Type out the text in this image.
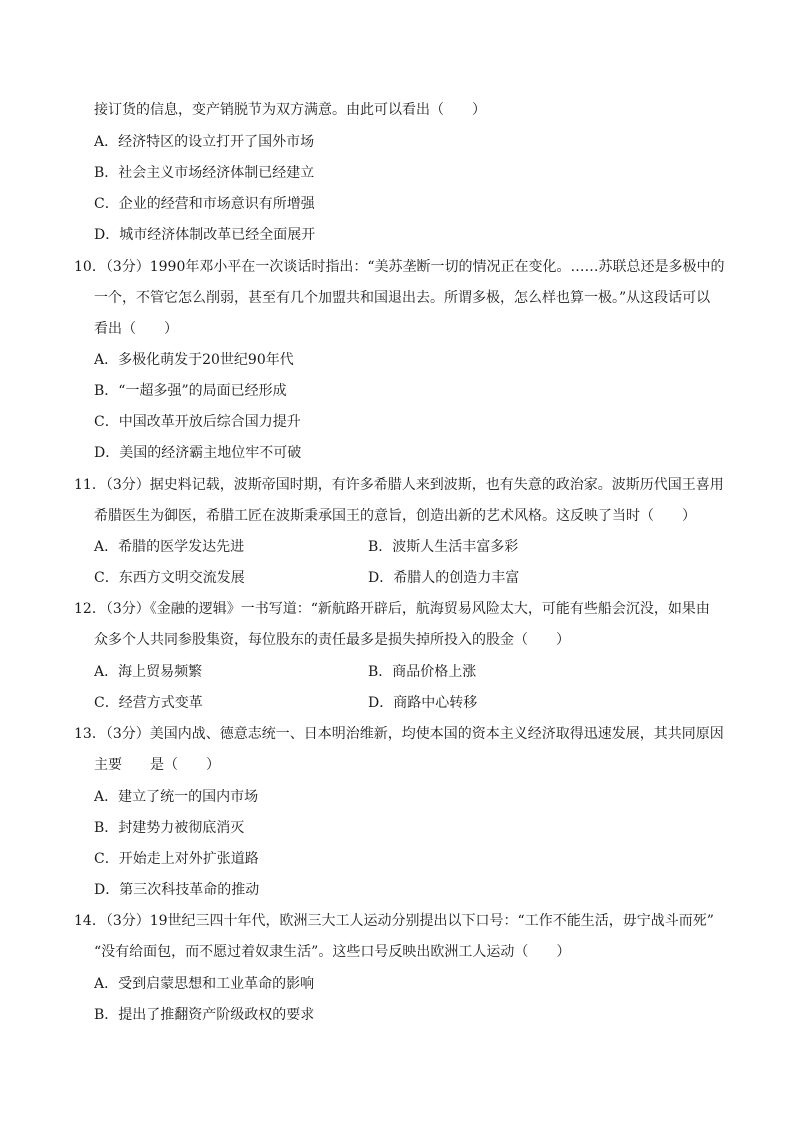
接订货的信息，变产销脱节为双方满意。由此可以看出（　　）
A．经济特区的设立打开了国外市场
B．社会主义市场经济体制已经建立
C．企业的经营和市场意识有所增强
D．城市经济体制改革已经全面展开
10．（3分）1990年邓小平在一次谈话时指出：“美苏垄断一切的情况正在变化。……苏联总还是多极中的
一个，不管它怎么削弱，甚至有几个加盟共和国退出去。所谓多极，怎么样也算一极。”从这段话可以
看出（　　）
A．多极化萌发于20世纪90年代
B．“一超多强”的局面已经形成
C．中国改革开放后综合国力提升
D．美国的经济霸主地位牢不可破
11．（3分）据史料记载，波斯帝国时期，有许多希腊人来到波斯，也有失意的政治家。波斯历代国王喜用
希腊医生为御医，希腊工匠在波斯秉承国王的意旨，创造出新的艺术风格。这反映了当时（　　）
A．希腊的医学发达先进	B．波斯人生活丰富多彩
C．东西方文明交流发展	D．希腊人的创造力丰富
12．（3分）《金融的逻辑》一书写道：“新航路开辟后，航海贸易风险太大，可能有些船会沉没，如果由
众多个人共同参股集资，每位股东的责任最多是损失掉所投入的股金（　　）
A．海上贸易频繁	B．商品价格上涨
C．经营方式变革	D．商路中心转移
13．（3分）美国内战、德意志统一、日本明治维新，均使本国的资本主义经济取得迅速发展，其共同原因
主要　　是（　　）
A．建立了统一的国内市场
B．封建势力被彻底消灭
C．开始走上对外扩张道路
D．第三次科技革命的推动
14．（3分）19世纪三四十年代，欧洲三大工人运动分别提出以下口号：“工作不能生活，毋宁战斗而死”
“没有给面包，而不愿过着奴隶生活”。这些口号反映出欧洲工人运动（　　）
A．受到启蒙思想和工业革命的影响
B．提出了推翻资产阶级政权的要求
